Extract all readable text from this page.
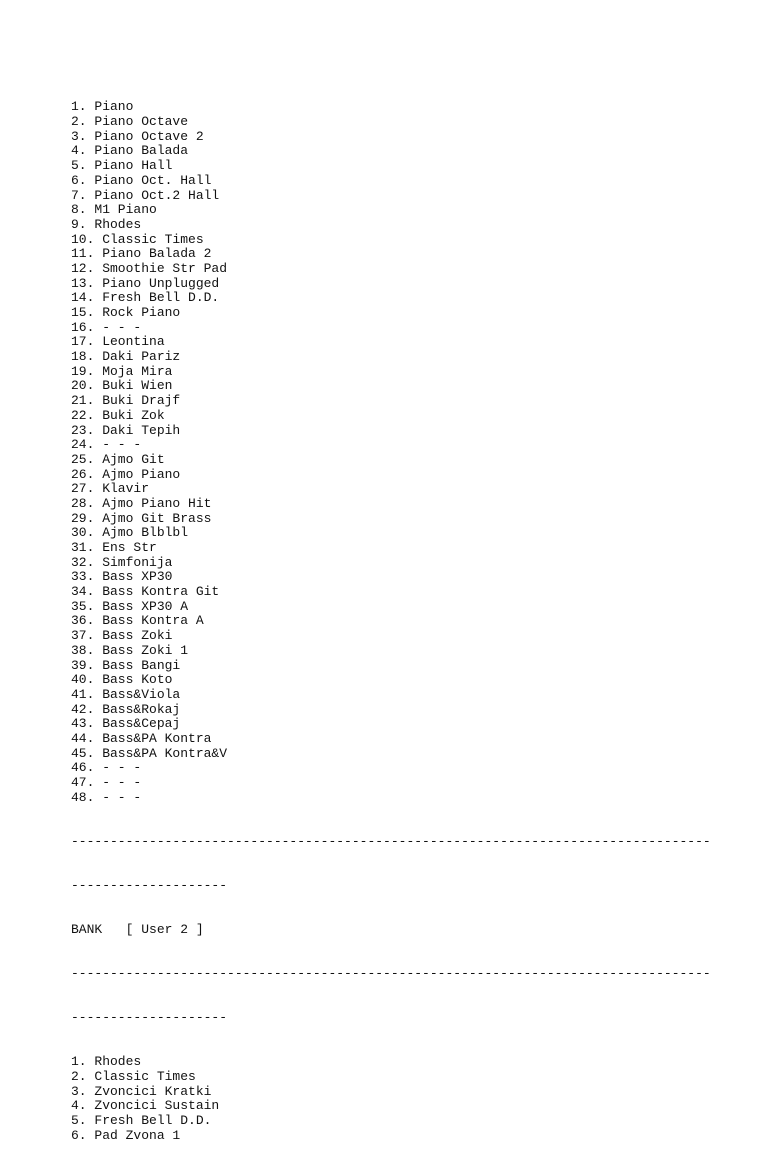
1. Piano
2. Piano Octave
3. Piano Octave 2
4. Piano Balada
5. Piano Hall
6. Piano Oct. Hall
7. Piano Oct.2 Hall
8. M1 Piano
9. Rhodes
10. Classic Times
11. Piano Balada 2
12. Smoothie Str Pad
13. Piano Unplugged
14. Fresh Bell D.D.
15. Rock Piano
16. - - -
17. Leontina
18. Daki Pariz
19. Moja Mira
20. Buki Wien
21. Buki Drajf
22. Buki Zok
23. Daki Tepih
24. - - -
25. Ajmo Git
26. Ajmo Piano
27. Klavir
28. Ajmo Piano Hit
29. Ajmo Git Brass
30. Ajmo Blblbl
31. Ens Str
32. Simfonija
33. Bass XP30
34. Bass Kontra Git
35. Bass XP30 A
36. Bass Kontra A
37. Bass Zoki
38. Bass Zoki 1
39. Bass Bangi
40. Bass Koto
41. Bass&Viola
42. Bass&Rokaj
43. Bass&Cepaj
44. Bass&PA Kontra
45. Bass&PA Kontra&V
46. - - -
47. - - -
48. - - -

----------------------------------------------------------------------------------

--------------------

BANK   [ User 2 ]

----------------------------------------------------------------------------------

--------------------

1. Rhodes
2. Classic Times
3. Zvoncici Kratki
4. Zvoncici Sustain
5. Fresh Bell D.D.
6. Pad Zvona 1
